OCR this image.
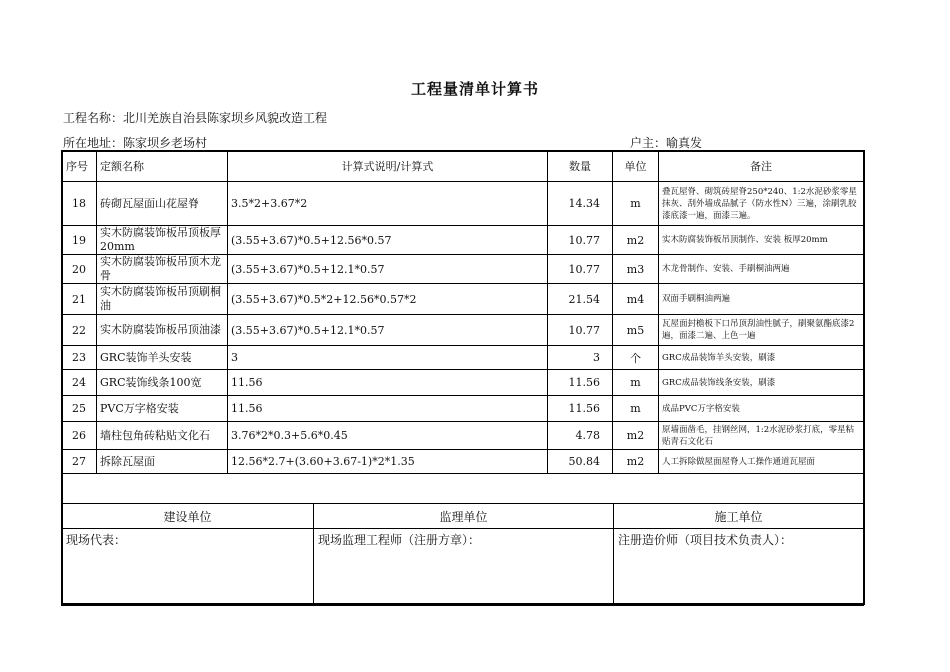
工程量清单计算书
工程名称：北川羌族自治县陈家坝乡风貌改造工程
所在地址：陈家坝乡老场村	户主：喻真发
序号	定额名称	计算式说明/计算式	数量	单位	备注
18	砖砌瓦屋面山花屋脊	3.5*2+3.67*2	14.34	m	叠瓦屋脊、砌筑砖屋脊250*240、1:2水泥砂浆零星抹灰、刮外墙成品腻子（防水性N）三遍，涂刷乳胶漆底漆一遍，面漆三遍。
19	实木防腐装饰板吊顶板厚20mm	(3.55+3.67)*0.5+12.56*0.57	10.77	m2	实木防腐装饰板吊顶制作、安装 板厚20mm
20	实木防腐装饰板吊顶木龙骨	(3.55+3.67)*0.5+12.1*0.57	10.77	m3	木龙骨制作、安装、手刷桐油两遍
21	实木防腐装饰板吊顶刷桐油	(3.55+3.67)*0.5*2+12.56*0.57*2	21.54	m4	双面手刷桐油两遍
22	实木防腐装饰板吊顶油漆	(3.55+3.67)*0.5+12.1*0.57	10.77	m5	瓦屋面封檐板下口吊顶刮油性腻子，刷聚氨酯底漆2遍，面漆二遍、上色一遍
23	GRC装饰羊头安装	3	3	个	GRC成品装饰羊头安装，刷漆
24	GRC装饰线条100宽	11.56	11.56	m	GRC成品装饰线条安装，刷漆
25	PVC万字格安装	11.56	11.56	m	成品PVC万字格安装
26	墙柱包角砖粘贴文化石	3.76*2*0.3+5.6*0.45	4.78	m2	原墙面凿毛，挂钢丝网，1:2水泥砂浆打底，零星粘贴青石文化石
27	拆除瓦屋面	12.56*2.7+(3.60+3.67-1)*2*1.35	50.84	m2	人工拆除做屋面屋脊人工操作通道瓦屋面
建设单位	监理单位	施工单位
现场代表：	现场监理工程师（注册方章）：	注册造价师（项目技术负责人）：
